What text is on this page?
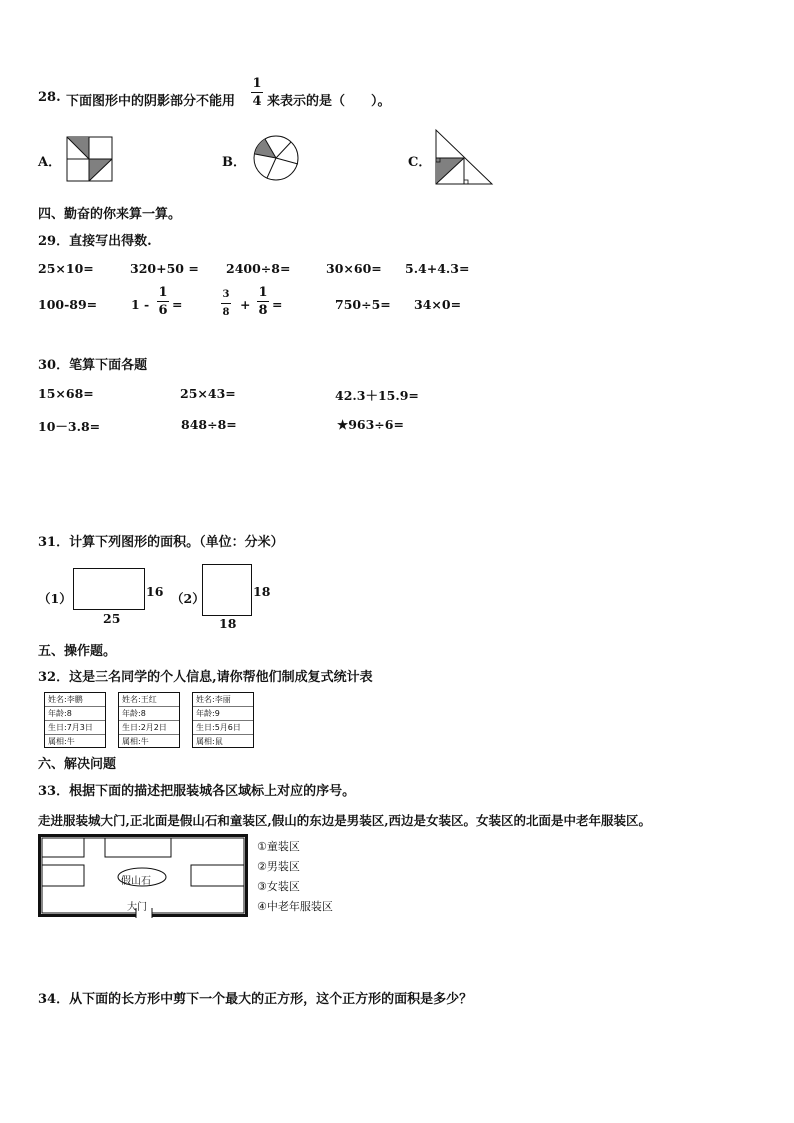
28. 下面图形中的阴影部分不能用
1
4 来表示的是（　　）。
A．	B．	C．
四、勤奋的你来算一算。
29．直接写出得数.
25×10=	320+50 = 2400÷8=	30×60= 5.4+4.3=
100-89=	1 -
1
6 =
3
8
+
1
8 =	750÷5= 34×0=
30．笔算下面各题
15×68=	25×43=	42.3＋15.9=
10－3.8=	848÷8=	★963÷6=
31．计算下列图形的面积。（单位：分米）
（1）	16
25
（2）	18
18
五、操作题。
32．这是三名同学的个人信息,请你帮他们制成复式统计表
姓名:李鹏
年龄:8
生日:7月3日
属相:牛
姓名:王红
年龄:8
生日:2月2日
属相:牛
姓名:李丽
年龄:9
生日:5月6日
属相:鼠
六、解决问题
33．根据下面的描述把服装城各区域标上对应的序号。
走进服装城大门,正北面是假山石和童装区,假山的东边是男装区,西边是女装区。女装区的北面是中老年服装区。
假山石
大门
①童装区
②男装区
③女装区
④中老年服装区
34．从下面的长方形中剪下一个最大的正方形，这个正方形的面积是多少？
